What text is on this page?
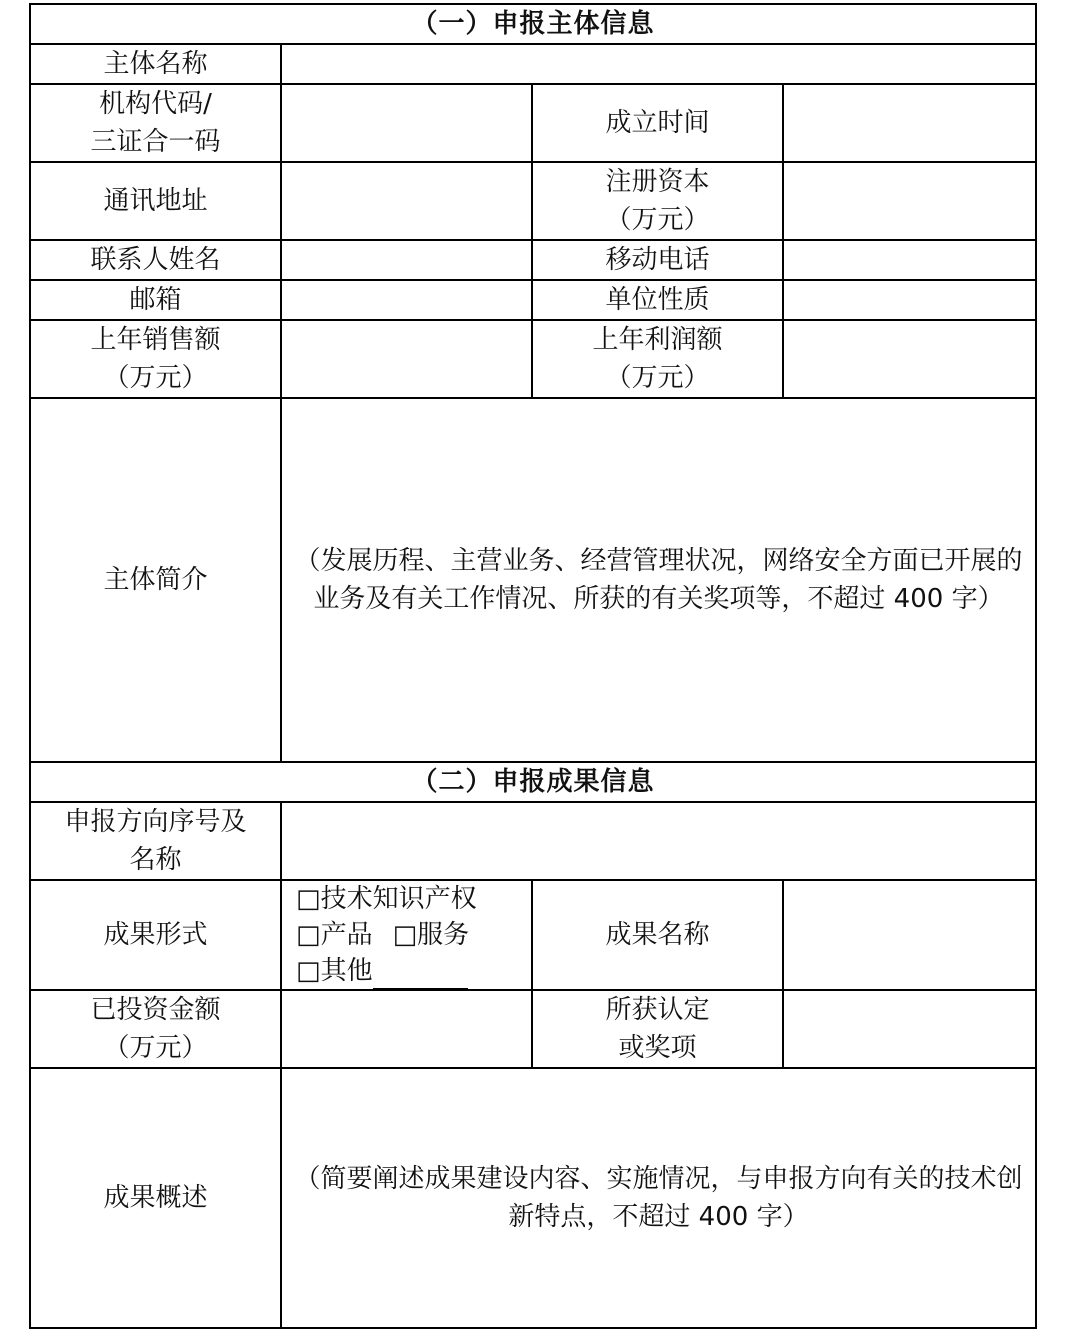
（一）申报主体信息			
主体名称			

机构代码/
三证合一码		成立时间	
通讯地址		注册资本
（万元）	

联系人姓名		移动电话	
邮箱		单位性质	

上年销售额
（万元）		上年利润额
（万元）	

主体简介	（发展历程、主营业务、经营管理状况，网络安全方面已开展的业务及有关工作情况、所获的有关奖项等，不超过 400 字）		
（二）申报成果信息			

申报方向序号及
名称			

成果形式	□技术知识产权
□产品 □服务
□其他	成果名称	

已投资金额
（万元）		所获认定
或奖项	

成果概述	（简要阐述成果建设内容、实施情况，与申报方向有关的技术创新特点，不超过 400 字）		
